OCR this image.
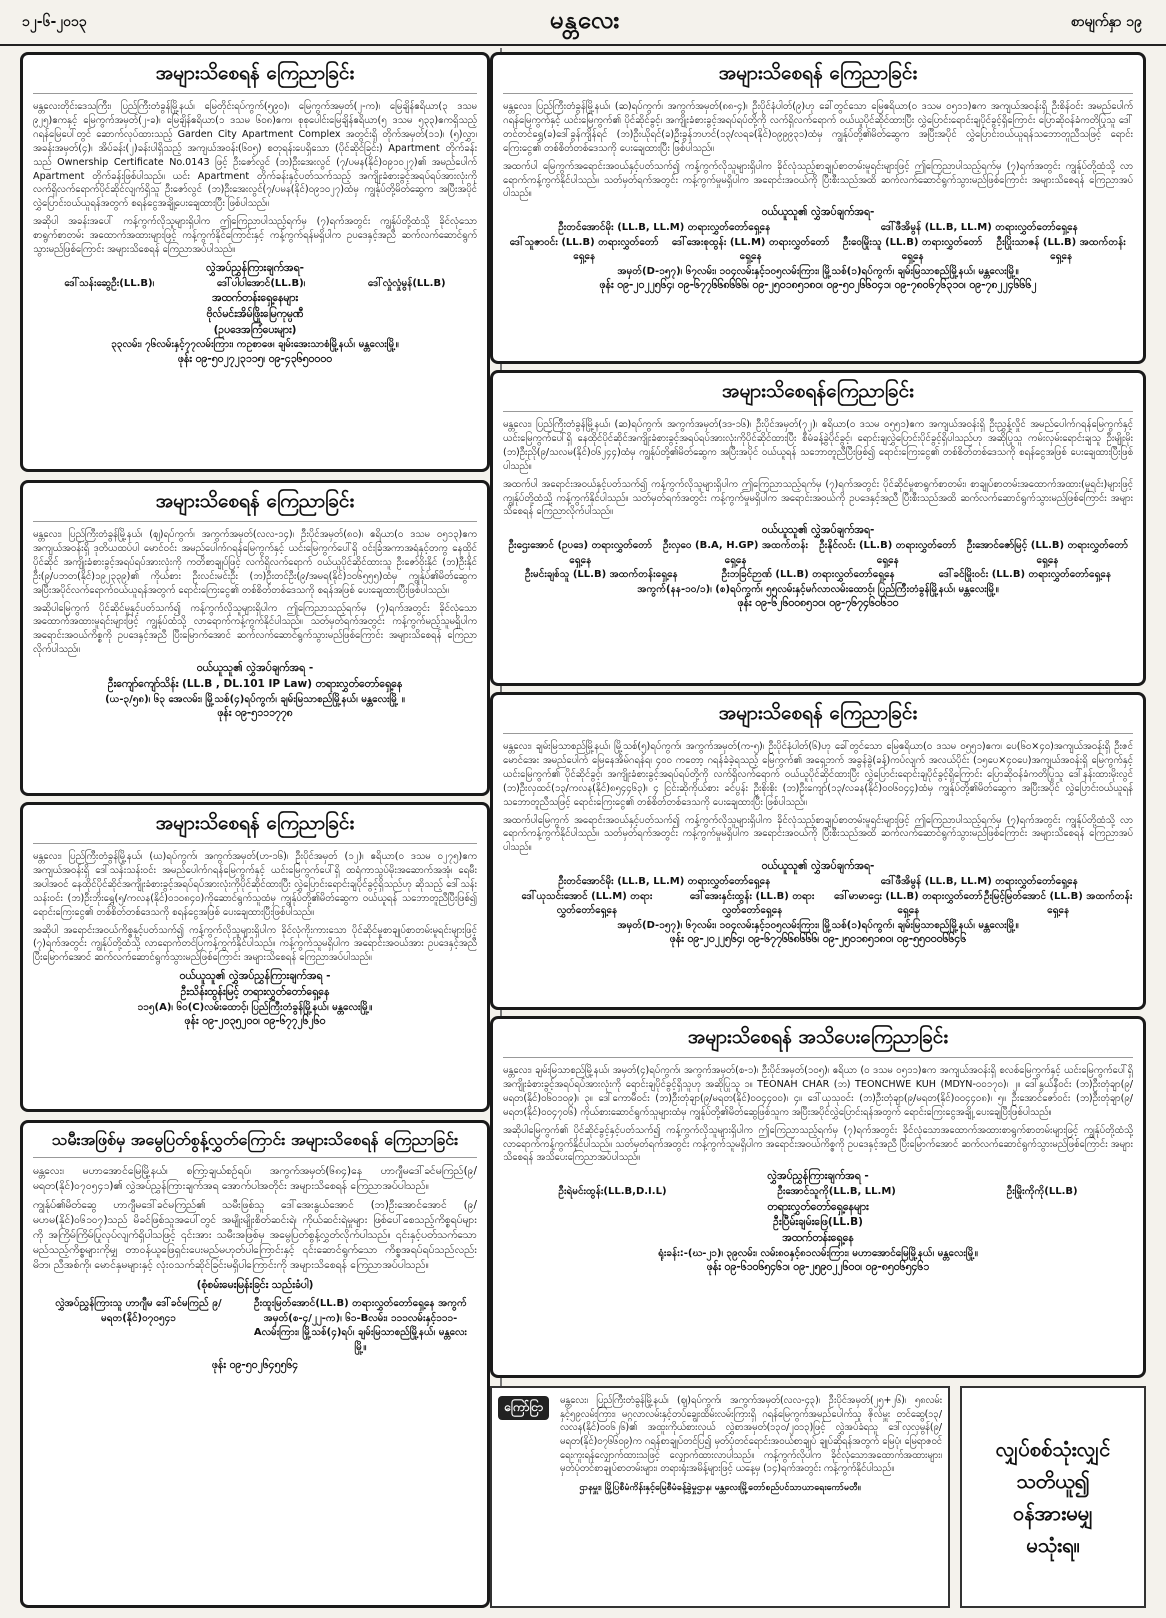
၁၂-၆-၂၀၁၃	မန္တလေး	စာမျက်နှာ ၁၉
အများသိစေရန် ကြေညာခြင်း

မန္တလေးတိုင်းဒေသကြီး၊ ပြည်ကြီးတံခွန်မြို့နယ်၊ မြေတိုင်းရပ်ကွက်(၅၉၀)၊ မြေကွက်အမှတ်(၂-က)၊ မြေချိန်ဧရိယာ(၃ ဒသမ ၉၂၅)ဧကနှင့် မြေကွက်အမှတ်(၂-ခ)၊ မြေချိန်ဧရိယာ(၁ ဒသမ ၆၀၈)ဧက၊ စုစုပေါင်းမြေချိန်ဧရိယာ(၅ ဒသမ ၅၃၃)ဧကရှိသည့် ဂရန်မြေပေါ်တွင် ဆောက်လုပ်ထားသည့် Garden City Apartment Complex အတွင်းရှိ တိုက်အမှတ်(၁၁)၊ (၅)လွှာ၊ အခန်းအမှတ်(၄)၊ အိပ်ခန်း(၂)ခန်းပါရှိသည့် အကျယ်အဝန်း(၆၀၅) စတုရန်းပေရှိသော (ပိုင်ဆိုင်ခြင်း) Apartment တိုက်ခန်းသည် Ownership Certificate No.0143 ဖြင့် ဦးဇော်လွင် (ဘ)ဦးအေးလွင် (၇/ပမန(နိုင်)၀၉၁၀၂၇)၏ အမည်ပေါက် Apartment တိုက်ခန်းဖြစ်ပါသည်။ ယင်း Apartment တိုက်ခန်းနှင့်ပတ်သက်သည့် အကျိုးခံစားခွင့်အရပ်ရပ်အားလုံးကို လက်ရှိလက်ရောက်ပိုင်ဆိုင်လျက်ရှိသူ ဦးဇော်လွင် (ဘ)ဦးအေးလွင်(၇/ပမန(နိုင်)၀၉၁၀၂၇)ထံမှ ကျွန်ုပ်တို့မိတ်ဆွေက အပြီးအပိုင် လွှဲပြောင်းဝယ်ယူရန်အတွက် စရန်ငွေအချို့ပေးချေထားပြီး ဖြစ်ပါသည်။

အဆိုပါ အခန်းအပေါ် ကန့်ကွက်လိုသူများရှိပါက ဤကြေညာပါသည့်ရက်မှ (၇)ရက်အတွင်း ကျွန်ုပ်တို့ထံသို့ ခိုင်လုံသောစာရွက်စာတမ်း အထောက်အထားများဖြင့် ကန့်ကွက်နိုင်ကြောင်းနှင့် ကန့်ကွက်ရန်မရှိပါက ဥပဒေနှင့်အညီ ဆက်လက်ဆောင်ရွက်သွားမည်ဖြစ်ကြောင်း အများသိစေရန် ကြေညာအပ်ပါသည်။

လွှဲအပ်ညွှန်ကြားချက်အရ-
ဒေါ်သန်းဆွေဦး(LL.B)၊	ဒေါ်ပါပါအောင်(LL.B)၊	ဒေါ်လှုံလှုံမွန်(LL.B)
အထက်တန်းရှေ့နေများ
ဗိုလ်မင်းအိမ်ဖြိုးမြေကုမ္ပဏီ
(ဥပဒေအကြံပေးများ)
၃၃လမ်း၊ ၇၆လမ်းနှင့်၇၇လမ်းကြား၊ ကဥစာဖေ၊ ချမ်းအေးသာစံမြို့နယ်၊ မန္တလေးမြို့။
ဖုန်း ၀၉-၅၀၂၇၂၃၁၁၅၊ ၀၉-၄၃၆၅၀၀၀၀
အများသိစေရန် ကြေညာခြင်း

မန္တလေး၊ ပြည်ကြီးတံခွန်မြို့နယ်၊ (ဈ)ရပ်ကွက်၊ အကွက်အမှတ်(လလ-၁၄)၊ ဦးပိုင်အမှတ်(၈၀)၊ ဧရိယာ(၀ ဒသမ ၀၅၁၃)ဧက အကျယ်အဝန်းရှိ ဒုတိယထပ်ပါ မောင်ဝင်း အမည်ပေါက်ဂရန်မြေကွက်နှင့် ယင်းမြေကွက်ပေါ်ရှိ ဝင်းခြံအကာအရံနှင့်တကွ နေထိုင်ပိုင်ဆိုင် အကျိုးခံစားခွင့်အရပ်ရပ်အားလုံးကို ကတိစာချုပ်ဖြင့် လက်ရှိလက်ရောက် ဝယ်ယူပိုင်ဆိုင်ထားသူ ဦးဇော်ဝိုးနိုင် (ဘ)ဦးနိုင်ဦး(၉/ပဘတ(နိုင်)၁၉၂၃၃၉)၏ ကိုယ်စား ဦးလင်းမင်းဦး (ဘ)ဦးတင်ဦး(၉/အမရ(နိုင်)၁၀၆၅၅၅)ထံမှ ကျွန်ုပ်၏မိတ်ဆွေက အပြီးအပိုင်လက်ရောက်ဝယ်ယူရန်အတွက် ရောင်းကြေးငွေ၏ တစ်စိတ်တစ်ဒေသကို စရန်အဖြစ် ပေးချေထားပြီးဖြစ်ပါသည်။

အဆိုပါမြေကွက် ပိုင်ဆိုင်မှုနှင့်ပတ်သက်၍ ကန့်ကွက်လိုသူများရှိပါက ဤကြေညာသည့်ရက်မှ (၇)ရက်အတွင်း ခိုင်လုံသောအထောက်အထားမူရင်းများဖြင့် ကျွန်ုပ်ထံသို့ လာရောက်ကန့်ကွက်နိုင်ပါသည်။ သတ်မှတ်ရက်အတွင်း ကန့်ကွက်မည့်သူမရှိပါက အရောင်းအဝယ်ကိစ္စကို ဥပဒေနှင့်အညီ ပြီးမြောက်အောင် ဆက်လက်ဆောင်ရွက်သွားမည်ဖြစ်ကြောင်း အများသိစေရန် ကြေညာလိုက်ပါသည်။

ဝယ်ယူသူ၏ လွှဲအပ်ချက်အရ -
ဦးကျော်ကျော်သိန်း (LL.B , DL.101 IP Law) တရားလွှတ်တော်ရှေ့နေ
(ယ-၃/၅၈)၊ ၆၃ အေလမ်း၊ မြို့သစ်(၄)ရပ်ကွက်၊ ချမ်းမြသာစည်မြို့နယ်၊ မန္တလေးမြို့ ။
ဖုန်း ၀၉-၅၁၁၁၇၇၈
အများသိစေရန် ကြေညာခြင်း

မန္တလေး၊ ပြည်ကြီးတံခွန်မြို့နယ်၊ (ဃ)ရပ်ကွက်၊ အကွက်အမှတ်(ဟ-၁၆)၊ ဦးပိုင်အမှတ် (၁၂)၊ ဧရိယာ(၀ ဒသမ ၀၂၇၅)ဧက အကျယ်အဝန်းရှိ ဒေါ်သန်းသန်းဝင်း အမည်ပေါက်ဂရန်မြေကွက်နှင့် ယင်းမြေကွက်ပေါ်ရှိ ထရံကာသွပ်မိုးအဆောက်အအုံ၊ ရေမီး အပါအဝင် နေထိုင်ပိုင်ဆိုင်အကျိုးခံစားခွင့်အရပ်ရပ်အားလုံးကိုပိုင်ဆိုင်ထားပြီး လွှဲပြောင်းရောင်းချပိုင်ခွင့်ရှိသည်ဟု ဆိုသည့် ဒေါ်သန်းသန်းဝင်း (ဘ)ဦးဘိုးရွှေ(၅/ကလန(နိုင်)၀၁၀၈၄၀)ကိုဆောင်ရွက်သူထံမှ ကျွန်ုပ်တို့၏မိတ်ဆွေက ဝယ်ယူရန် သဘောတူညီပြီးဖြစ်၍ ရောင်းကြေးငွေ၏ တစ်စိတ်တစ်ဒေသကို စရန်ငွေအဖြစ် ပေးချေထားပြီးဖြစ်ပါသည်။

အဆိုပါ အရောင်းအဝယ်ကိစ္စနှင့်ပတ်သက်၍ ကန့်ကွက်လိုသူများရှိပါက ခိုင်လုံကိုးကားသော ပိုင်ဆိုင်မှုစာချုပ်စာတမ်းမူရင်းများဖြင့် (၇)ရက်အတွင်း ကျွန်ုပ်တို့ထံသို့ လာရောက်တင်ပြကန့်ကွက်နိုင်ပါသည်။ ကန့်ကွက်သူမရှိပါက အရောင်းအဝယ်အား ဥပဒေနှင့်အညီ ပြီးမြောက်အောင် ဆက်လက်ဆောင်ရွက်သွားမည်ဖြစ်ကြောင်း အများသိစေရန် ကြေညာအပ်ပါသည်။

ဝယ်ယူသူ၏ လွှဲအပ်ညွှန်ကြားချက်အရ -
ဦးသိန်းထွန်းမြင့် တရားလွှတ်တော်ရှေ့နေ
၁၁၅(A)၊ ၆၀(C)လမ်းထောင့်၊ ပြည်ကြီးတံခွန်မြို့နယ်၊ မန္တလေးမြို့။
ဖုန်း ၀၉-၂၀၃၅၂၀၀၊ ၀၉-၆၇၇၂၆၂၆၀
သမီးအဖြစ်မှ အမွေပြတ်စွန့်လွှတ်ကြောင်း အများသိစေရန် ကြေညာခြင်း

မန္တလေး၊ မဟာအောင်မြေမြို့နယ်၊ စကြာ့ချယ်စဉ်ရပ်၊ အကွက်အမှတ်(၆၈၄)နေ ဟာဂျီမဒေါ်ခင်မကြည်(၉/မရတ(နိုင်)၀၇၀၅၄၁)၏ လွှဲအပ်ညွှန်ကြားချက်အရ အောက်ပါအတိုင်း အများသိစေရန် ကြေညာအပ်ပါသည်။

ကျွန်ုပ်၏မိတ်ဆွေ ဟာဂျီမဒေါ်ခင်မကြည်၏ သမီးဖြစ်သူ ဒေါ်အေးနွယ်အောင် (ဘ)ဦးအောင်အောင် (၉/မဟမ(နိုင်)၀၆၁၀၇)သည် မိခင်ဖြစ်သူအပေါ်တွင် အမျိုးမျိုးစိတ်ဆင်းရဲ၊ ကိုယ်ဆင်းရဲမှုများ ဖြစ်ပေါ်စေသည့်ကိစ္စရပ်များကို အကြိမ်ကြိမ်ပြုလုပ်လျက်ရှိပါသဖြင့် ၎င်းအား သမီးအဖြစ်မှ အမွေပြတ်စွန့်လွှတ်လိုက်ပါသည်။ ၎င်းနှင့်ပတ်သက်သော မည်သည့်ကိစ္စများကိုမျှ တာဝန်ယူဖြေရှင်းပေးမည်မဟုတ်ပါကြောင်းနှင့် ၎င်းဆောင်ရွက်သော ကိစ္စအရပ်ရပ်သည်လည်း မိဘ၊ ညီအစ်ကို၊ မောင်နှမများနှင့် လုံးဝသက်ဆိုင်ခြင်းမရှိပါကြောင်းကို အများသိစေရန် ကြေညာအပ်ပါသည်။

(စုံစမ်းမေးမြန်းခြင်း သည်းခံပါ)
လွှဲအပ်ညွှန်ကြားသူ ဟာဂျီမ ဒေါ်ခင်မကြည် ၉/မရတ(နိုင်)၀၇၀၅၄၁
ဦးထူးမြတ်အောင်(LL.B) တရားလွှတ်တော်ရှေ့နေ အကွက်အမှတ်(စ-၄/၂၂-က)၊ ၆၁-Bလမ်း၊ ၁၁၁လမ်းနှင့်၁၁၁-Aလမ်းကြား၊ မြို့သစ်(၄)ရပ်၊ ချမ်းမြသာစည်မြို့နယ်၊ မန္တလေးမြို့။
ဖုန်း ၀၉-၅၀၂၆၄၅၅၆၄
အများသိစေရန် ကြေညာခြင်း

မန္တလေး၊ ပြည်ကြီးတံခွန်မြို့နယ်၊ (ဆ)ရပ်ကွက်၊ အကွက်အမှတ်(၈၈-၄)၊ ဦးပိုင်နံပါတ်(၉)ဟု ခေါ်တွင်သော မြေဧရိယာ(၀ ဒသမ ၀၅၁၁)ဧက အကျယ်အဝန်းရှိ ဦးစိန်ဝင်း အမည်ပေါက် ဂရန်မြေကွက်နှင့် ယင်းမြေကွက်၏ ပိုင်ဆိုင်ခွင့်၊ အကျိုးခံစားခွင့်အရပ်ရပ်တို့ကို လက်ရှိလက်ရောက် ဝယ်ယူပိုင်ဆိုင်ထားပြီး လွှဲပြောင်းရောင်းချပိုင်ခွင့်ရှိကြောင်း ပြောဆိုဝန်ခံကတိပြုသူ ဒေါ်တင်တင်ရွှေ(ခ)ဒေါ်ခွန်ကျိန်ရင် (ဘ)ဦးယိုရင်(ခ)ဦးခွန်ဘဟင်(၁၃/လရခ(နိုင်)၀၉၉၉၃၁)ထံမှ ကျွန်ုပ်တို့၏မိတ်ဆွေက အပြီးအပိုင် လွှဲပြောင်းဝယ်ယူရန်သဘောတူညီသဖြင့် ရောင်းကြေးငွေ၏ တစ်စိတ်တစ်ဒေသကို ပေးချေထားပြီး ဖြစ်ပါသည်။

အထက်ပါ မြေကွက်အရောင်းအဝယ်နှင့်ပတ်သက်၍ ကန့်ကွက်လိုသူများရှိပါက ခိုင်လုံသည့်စာချုပ်စာတမ်းမူရင်းများဖြင့် ဤကြေညာပါသည့်ရက်မှ (၇)ရက်အတွင်း ကျွန်ုပ်တို့ထံသို့ လာရောက်ကန့်ကွက်နိုင်ပါသည်။ သတ်မှတ်ရက်အတွင်း ကန့်ကွက်မှုမရှိပါက အရောင်းအဝယ်ကို ပြီးစီးသည်အထိ ဆက်လက်ဆောင်ရွက်သွားမည်ဖြစ်ကြောင်း အများသိစေရန် ကြေညာအပ်ပါသည်။

ဝယ်ယူသူ၏ လွှဲအပ်ချက်အရ-
ဦးတင်အောင်မိုး (LL.B, LL.M) တရားလွှတ်တော်ရှေ့နေ	ဒေါ်ဖီအိမွန် (LL.B, LL.M) တရားလွှတ်တော်ရှေ့နေ
ဒေါ်သူဇာဝင်း (LL.B) တရားလွှတ်တော်ရှေ့နေ
ဒေါ်အေးစုထွန်း (LL.M) တရားလွှတ်တော်ရှေ့နေ
ဦးဝေမြိုးသူ (LL.B) တရားလွှတ်တော်ရှေ့နေ
ဦးပြိုးသာဇန် (LL.B) အထက်တန်းရှေ့နေ
အမှတ်(D-၁၅၇)၊ ၆၇လမ်း၊ ၁၀၄လမ်းနှင့်၁၀၅လမ်းကြား၊ မြို့သစ်(၁)ရပ်ကွက်၊ ချမ်းမြသာစည်မြို့နယ်၊ မန္တလေးမြို့။
ဖုန်း ၀၉-၂၀၂၂၅၆၄၊ ၀၉-၆၇၇၆၆၈၆၆၆၊ ၀၉-၂၅၀၁၈၅၁၈၀၊ ၀၉-၅၀၂၆၆၀၄၁၊ ၀၉-၇၈၀၆၇၆၃၁၀၊ ၀၉-၇၈၂၂၄၆၆၆၂
အများသိစေရန်ကြေညာခြင်း

မန္တလေး၊ ပြည်ကြီးတံခွန်မြို့နယ်၊ (ဆ)ရပ်ကွက်၊ အကွက်အမှတ်(ဒဒ-၁၆)၊ ဦးပိုင်အမှတ်(၇၂)၊ ဧရိယာ(၀ ဒသမ ၀၅၅၁)ဧက အကျယ်အဝန်းရှိ ဦးညွှန့်လှိုင် အမည်ပေါက်ဂရန်မြေကွက်နှင့် ယင်းမြေကွက်ပေါ်ရှိ နေထိုင်ပိုင်ဆိုင်အကျိုးခံစားခွင့်အရပ်ရပ်အားလုံးကိုပိုင်ဆိုင်ထားပြီး စီမံခန့်ခွဲပိုင်ခွင့်၊ ရောင်းချလွှဲပြောင်းပိုင်ခွင့်ရှိပါသည်ဟု အဆိုပြုသူ ကမ်းလှမ်းရောင်းချသူ ဦးမျိုးမိုး (ဘ)ဦးညို(၉/သလမ(နိုင်)၀၆၂၄၄)ထံမှ ကျွန်ုပ်တို့၏မိတ်ဆွေက အပြီးအပိုင် ဝယ်ယူရန် သဘောတူညီပြီးဖြစ်၍ ရောင်းကြေးငွေ၏ တစ်စိတ်တစ်ဒေသကို စရန်ငွေအဖြစ် ပေးချေထားပြီးဖြစ်ပါသည်။

အထက်ပါ အရောင်းအဝယ်နှင့်ပတ်သက်၍ ကန့်ကွက်လိုသူများရှိပါက ဤကြေညာသည့်ရက်မှ (၇)ရက်အတွင်း ပိုင်ဆိုင်မှုစာရွက်စာတမ်း၊ စာချုပ်စာတမ်းအထောက်အထား(မူရင်း)များဖြင့် ကျွန်ုပ်တို့ထံသို့ ကန့်ကွက်နိုင်ပါသည်။ သတ်မှတ်ရက်အတွင်း ကန့်ကွက်မှုမရှိပါက အရောင်းအဝယ်ကို ဥပဒေနှင့်အညီ ပြီးစီးသည်အထိ ဆက်လက်ဆောင်ရွက်သွားမည်ဖြစ်ကြောင်း အများသိစေရန် ကြေညာလိုက်ပါသည်။

ဝယ်ယူသူ၏ လွှဲအပ်ချက်အရ-
ဦးဌေးအောင် (ဥပဒေ) တရားလွှတ်တော်ရှေ့နေ
ဦးလှဝေ (B.A, H.GP) အထက်တန်းရှေ့နေ
ဦးနိုင်လင်း (LL.B) တရားလွှတ်တော်ရှေ့နေ
ဦးအောင်ဇော်မြင့် (LL.B) တရားလွှတ်တော်ရှေ့နေ
ဦးမင်းချစ်သူ (LL.B) အထက်တန်းရှေ့နေ	ဦးဘခြင်ဉာဏ် (LL.B) တရားလွှတ်တော်ရှေ့နေ	ဒေါ်ခင်မြိုးဝင်း (LL.B) တရားလွှတ်တော်ရှေ့နေ
အကွက်(နန-၁၀/၁)၊ (စ)ရပ်ကွက်၊ ၅၅လမ်းနှင့်မဂ်လာလမ်းထောင့်၊ ပြည်ကြီးတံခွန်မြို့နယ်၊ မန္တလေးမြို့။
ဖုန်း ၀၉-၆၂၆၀၀၈၅၁၀၊ ၀၉-၇၆၇၄၆၀၆၁၀
အများသိစေရန် ကြေညာခြင်း

မန္တလေး၊ ချမ်းမြသာစည်မြို့နယ်၊ မြို့သစ်(၅)ရပ်ကွက်၊ အကွက်အမှတ်(က-၅)၊ ဦးပိုင်နံပါတ်(၆)ဟု ခေါ်တွင်သော မြေဧရိယာ(၀ ဒသမ ၀၅၅၁)ဧက၊ ပေ(၆၀×၄၀)အကျယ်အဝန်းရှိ ဦးဇင်မောင်အေး အမည်ပေါက် မြေနေအိမ်ဂရန်ရ၊ ၄၀၀ ကတော့ ဂရန်ခံခဲ့ရသည့် မြေကွက်၏ အရှေ့ဘက် အခွန်ခွဲ(ခန့်)ကပ်လျက် အလယ်ပိုင်း (၁၅ပေ×၄၀ပေ)အကျယ်အဝန်းရှိ မြေကွက်နှင့် ယင်းမြေကွက်၏ ပိုင်ဆိုင်ခွင့်၊ အကျိုးခံစားခွင့်အရပ်ရပ်တို့ကို လက်ရှိလက်ရောက် ဝယ်ယူပိုင်ဆိုင်ထားပြီး လွှဲပြောင်းရောင်းချပိုင်ခွင့်ရှိကြောင်း ပြောဆိုဝန်ခံကတိပြုသူ ဒေါ်နန်းထားမိုးလွင် (ဘ)ဦးလှထင်(၁၃/ကလန(နိုင်)၈၅၄၄၆၃)၊ ၄ ငြင်းဆိုကိုယ်စား ခင်ပွန်း ဦးစိုးစိုး (ဘ)ဦးကျော်(၁၃/လခန(နိုင်)၀၀၆၀၄၄)ထံမှ ကျွန်ုပ်တို့၏မိတ်ဆွေက အပြီးအပိုင် လွှဲပြောင်းဝယ်ယူရန် သဘောတူညီသဖြင့် ရောင်းကြေးငွေ၏ တစ်စိတ်တစ်ဒေသကို ပေးချေထားပြီး ဖြစ်ပါသည်။

အထက်ပါမြေကွက် အရောင်းအဝယ်နှင့်ပတ်သက်၍ ကန့်ကွက်လိုသူများရှိပါက ခိုင်လုံသည့်စာချုပ်စာတမ်းမူရင်းများဖြင့် ဤကြေညာပါသည့်ရက်မှ (၇)ရက်အတွင်း ကျွန်ုပ်တို့ထံသို့ လာရောက်ကန့်ကွက်နိုင်ပါသည်။ သတ်မှတ်ရက်အတွင်း ကန့်ကွက်မှုမရှိပါက အရောင်းအဝယ်ကို ပြီးစီးသည်အထိ ဆက်လက်ဆောင်ရွက်သွားမည်ဖြစ်ကြောင်း အများသိစေရန် ကြေညာအပ်ပါသည်။

ဝယ်ယူသူ၏ လွှဲအပ်ချက်အရ-
ဦးတင်အောင်မိုး (LL.B, LL.M) တရားလွှတ်တော်ရှေ့နေ	ဒေါ်ဖီအိမွန် (LL.B, LL.M) တရားလွှတ်တော်ရှေ့နေ
ဒေါ်ယုသင်းအောင် (LL.M) တရားလွှတ်တော်ရှေ့နေ
ဒေါ်အေးနှင်းထွန်း (LL.B) တရားလွှတ်တော်ရှေ့နေ
ဒေါ်မာမာဌေး (LL.B) တရားလွှတ်တော်ရှေ့နေ
ဦးမြင့်မြတ်အောင် (LL.B) အထက်တန်းရှေ့နေ
အမှတ်(D-၁၅၇)၊ ၆၇လမ်း၊ ၁၀၄လမ်းနှင့်၁၀၅လမ်းကြား၊ မြို့သစ်(၁)ရပ်ကွက်၊ ချမ်းမြသာစည်မြို့နယ်၊ မန္တလေးမြို့။
ဖုန်း ၀၉-၂၀၂၂၅၆၄၊ ၀၉-၆၇၇၆၆၈၆၆၆၊ ၀၉-၂၅၀၁၈၅၁၈၀၊ ၀၉-၅၅၀၀၀၆၆၄၆
အများသိစေရန် အသိပေးကြေညာခြင်း

မန္တလေး၊ ချမ်းမြသာစည်မြို့နယ်၊ အမှတ်(၄)ရပ်ကွက်၊ အကွက်အမှတ်(စ-၁)၊ ဦးပိုင်အမှတ်(၁၀၅)၊ ဧရိယာ (၀ ဒသမ ၀၅၁၁)ဧက အကျယ်အဝန်းရှိ စလစ်မြေကွက်နှင့် ယင်းမြေကွက်ပေါ်ရှိ အကျိုးခံစားခွင့်အရပ်ရပ်အားလုံးကို ရောင်းချပိုင်ခွင့်ရှိသူဟု အဆိုပြုသူ ၁။ TEONAH CHAR (ဘ) TEONCHWE KUH (MDYN-၀၀၁၇၀)၊ ၂။ ဒေါ်နွယ်နီဝင်း (ဘ)ဦးတုံချာ(၉/မရတ(နိုင်)၀၆၀၁၀၉)၊ ၃။ ဒေါ်ကောမီဝင်း (ဘ)ဦးတုံချာ(၉/မရတ(နိုင်)၀၀၄၄၀၀)၊ ၄။ ဒေါ်ယုသုဝင်း (ဘ)ဦးတုံချာ(၉/မရတ(နိုင်)၀၀၄၄၀၈)၊ ၅။ ဦးအောင်ဇော်ဝင်း (ဘ)ဦးတုံချာ(၉/မရတ(နိုင်)၀၀၄၇၀၆) ကိုယ်စားဆောင်ရွက်သူများထံမှ ကျွန်ုပ်တို့၏မိတ်ဆွေဖြစ်သူက အပြီးအပိုင်လွှဲပြောင်းရန်အတွက် ရောင်းကြေးငွေအချို့ ပေးချေပြီးဖြစ်ပါသည်။

အဆိုပါမြေကွက်၏ ပိုင်ဆိုင်ခွင့်နှင့်ပတ်သက်၍ ကန့်ကွက်လိုသူများရှိပါက ဤကြေညာသည့်ရက်မှ (၇)ရက်အတွင်း ခိုင်လုံသောအထောက်အထားစာရွက်စာတမ်းများဖြင့် ကျွန်ုပ်တို့ထံသို့ လာရောက်ကန့်ကွက်နိုင်ပါသည်။ သတ်မှတ်ရက်အတွင်း ကန့်ကွက်သူမရှိပါက အရောင်းအဝယ်ကိစ္စကို ဥပဒေနှင့်အညီ ပြီးမြောက်အောင် ဆက်လက်ဆောင်ရွက်သွားမည်ဖြစ်ကြောင်း အများသိစေရန် အသိပေးကြေညာအပ်ပါသည်။

လွှဲအပ်ညွှန်ကြားချက်အရ -
ဦးရဲမင်းထွန်း(LL.B,D.I.L)	ဦးအောင်သူကို(LL.B, LL.M)	ဦးမြိုးကိုကို(LL.B)
တရားလွှတ်တော်ရှေ့နေများ
ဦးပြီမ်းချမ်းဖြေ(LL.B)
အထက်တန်းရှေ့နေ
ရုံးခန်း:-(ဃ-၂၁)၊ ၃၉လမ်း၊ လမ်း၈၀နှင့်၈၁လမ်းကြား၊ မဟာအောင်မြေမြို့နယ်၊ မန္တလေးမြို့။
ဖုန်း ၀၉-၆၁၀၆၅၄၆၁၊ ၀၉-၂၅၉၀၂၂၆၀၀၊ ၀၉-၈၅၀၆၅၄၆၁
ကြော်ငြာ	မန္တလေး၊ ပြည်ကြီးတံခွန်မြို့နယ်၊ (ဈ)ရပ်ကွက်၊ အကွက်အမှတ်(လလ-၄၃)၊ ဦးပိုင်အမှတ်(၂၅+၂၆)၊ ၅၈လမ်းနှင့်၅၉လမ်းကြား၊ မဂ္ဂလာလမ်းနှင့်တပ်ချွေးထိမ်းလမ်းကြားရှိ ဂရန်မြေကွက်အမည်ပေါက်သူ ဇိုလ်မှူး တင်ဆွေ(၁၃/လလန(နိုင်)၀၀၆၂၆)၏ အထူးကိုယ်စားလှယ် လွှဲစာအမှတ်(၁၃၀/၂၀၁၃)ဖြင့် လွှဲအပ်ခံရသူ ဒေါ်လှလှမွန်(၉/မရတ(နိုင်)၀၇၆၆၀၉)က ဂရန်စာချုပ်တင်ပြ၍ မှတ်ပုံတင်ရောင်းအဝယ်စာချုပ် ချုပ်ဆိုရန်အတွက် မြေပုံ၊ မြေရာဇဝင်ရေးကူးရန်လျှောက်ထားသဖြင့် လျှောက်ထားလာပါသည်။ ကန့်ကွက်လိုပါက ခိုင်လုံသောအထောက်အထားများ၊ မှတ်ပုံတင်စာချုပ်စာတမ်းများ၊ တရားရုံးအမိန့်များဖြင့် ယနေ့မှ (၁၄)ရက်အတွင်း ကန့်ကွက်နိုင်ပါသည်။

ဌာနမှူး၊ မြို့ပြစီမံကိန်းနှင့်မြေစီမံခန့်ခွဲမှုဌာန၊ မန္တလေးမြို့တော်စည်ပင်သာယာရေးကော်မတီ။
လျှပ်စစ်သုံးလျှင်
သတိယူ၍
ဝန်အားမမျှ
မသုံးရ။
